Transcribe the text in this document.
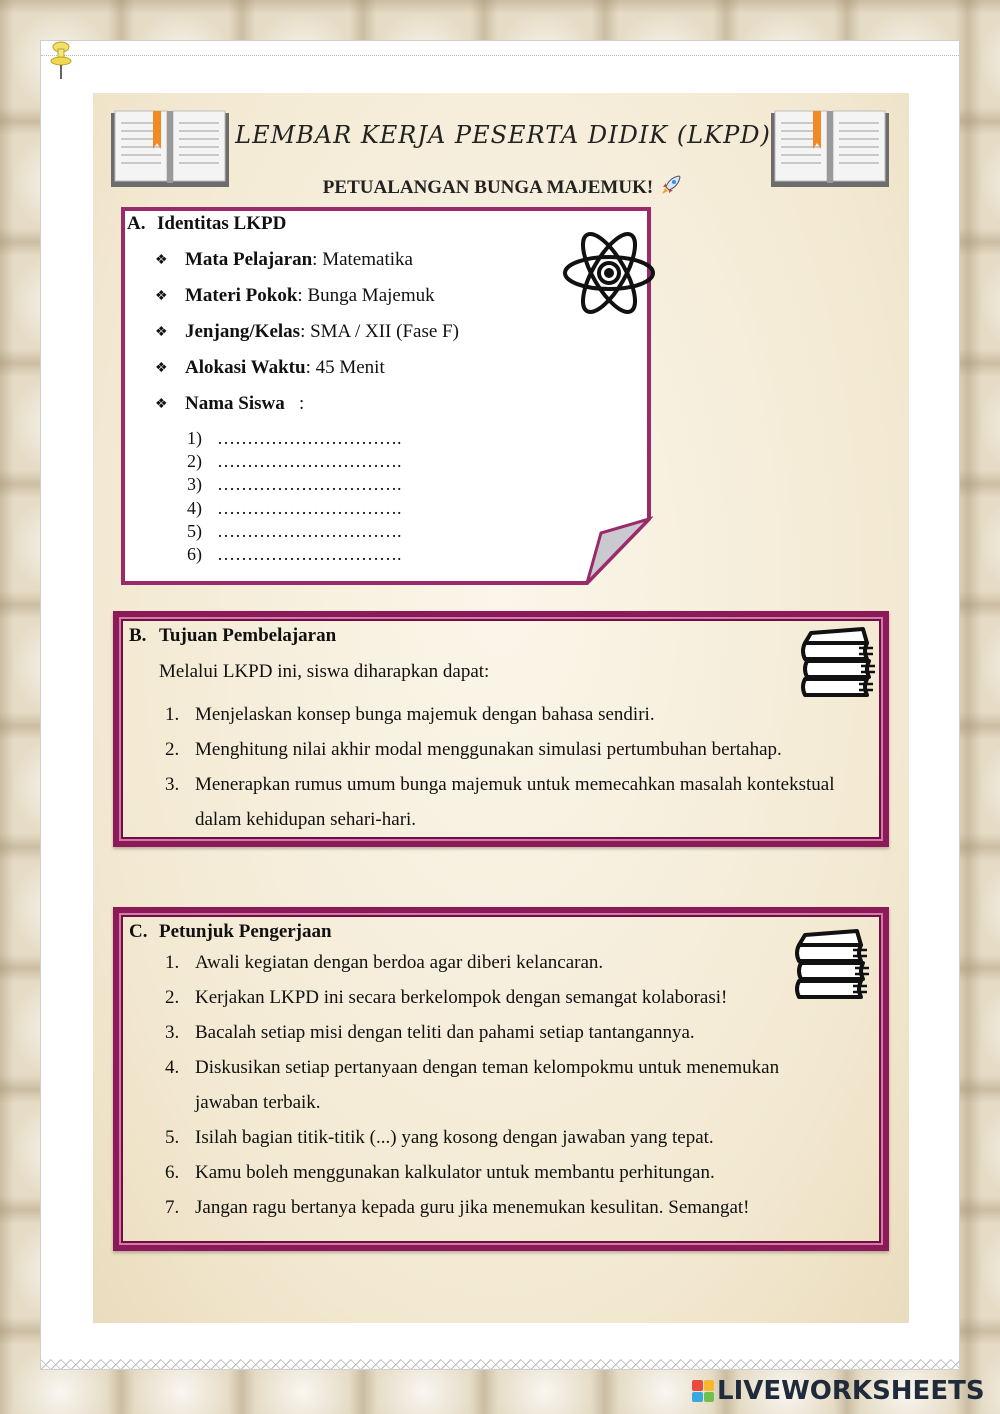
LEMBAR KERJA PESERTA DIDIK (LKPD)
PETUALANGAN BUNGA MAJEMUK!
A. Identitas LKPD
❖ Mata Pelajaran: Matematika
❖ Materi Pokok: Bunga Majemuk
❖ Jenjang/Kelas: SMA / XII (Fase F)
❖ Alokasi Waktu: 45 Menit
❖ Nama Siswa   :
1) ………………………….
2) ………………………….
3) ………………………….
4) ………………………….
5) ………………………….
6) ………………………….
B. Tujuan Pembelajaran
Melalui LKPD ini, siswa diharapkan dapat:
1. Menjelaskan konsep bunga majemuk dengan bahasa sendiri.
2. Menghitung nilai akhir modal menggunakan simulasi pertumbuhan bertahap.
3. Menerapkan rumus umum bunga majemuk untuk memecahkan masalah kontekstual dalam kehidupan sehari-hari.
C. Petunjuk Pengerjaan
1. Awali kegiatan dengan berdoa agar diberi kelancaran.
2. Kerjakan LKPD ini secara berkelompok dengan semangat kolaborasi!
3. Bacalah setiap misi dengan teliti dan pahami setiap tantangannya.
4. Diskusikan setiap pertanyaan dengan teman kelompokmu untuk menemukan jawaban terbaik.
5. Isilah bagian titik-titik (...) yang kosong dengan jawaban yang tepat.
6. Kamu boleh menggunakan kalkulator untuk membantu perhitungan.
7. Jangan ragu bertanya kepada guru jika menemukan kesulitan. Semangat!
LIVEWORKSHEETS
